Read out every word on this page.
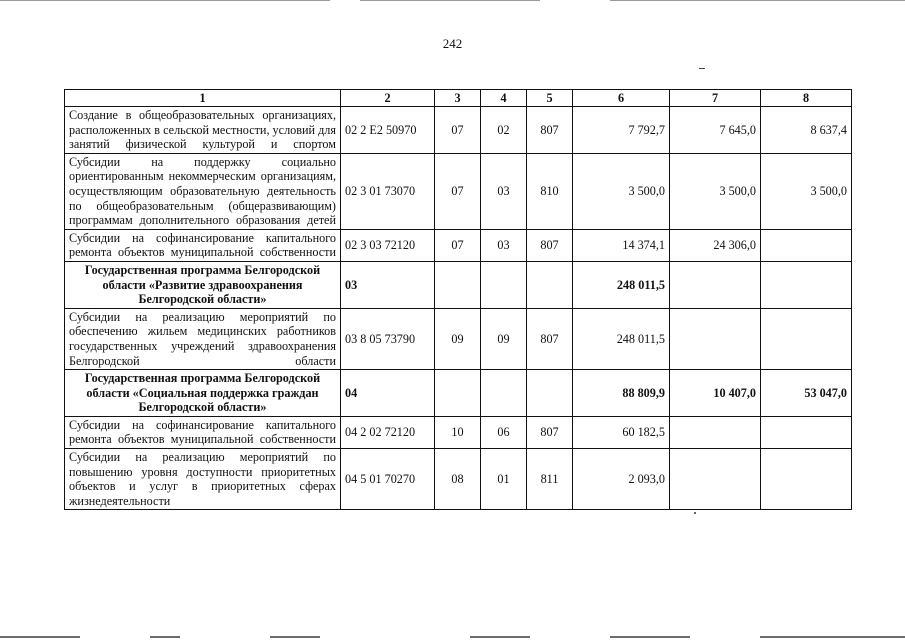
242
1	2	3	4	5	6	7	8
Создание в общеобразовательных организациях, расположенных в сельской местности, условий для занятий физической культурой и спортом	02 2 E2 50970	07	02	807	7 792,7	7 645,0	8 637,4
Субсидии на поддержку социально ориентированным некоммерческим организациям, осуществляющим образовательную деятельность по общеобразовательным (общеразвивающим) программам дополнительного образования детей	02 3 01 73070	07	03	810	3 500,0	3 500,0	3 500,0
Субсидии на софинансирование капитального ремонта объектов муниципальной собственности	02 3 03 72120	07	03	807	14 374,1	24 306,0	
Государственная программа Белгородской области «Развитие здравоохранения Белгородской области»	03				248 011,5		
Субсидии на реализацию мероприятий по обеспечению жильем медицинских работников государственных учреждений здравоохранения Белгородской области	03 8 05 73790	09	09	807	248 011,5		
Государственная программа Белгородской области «Социальная поддержка граждан Белгородской области»	04				88 809,9	10 407,0	53 047,0
Субсидии на софинансирование капитального ремонта объектов муниципальной собственности	04 2 02 72120	10	06	807	60 182,5		
Субсидии на реализацию мероприятий по повышению уровня доступности приоритетных объектов и услуг в приоритетных сферах жизнедеятельности	04 5 01 70270	08	01	811	2 093,0		
